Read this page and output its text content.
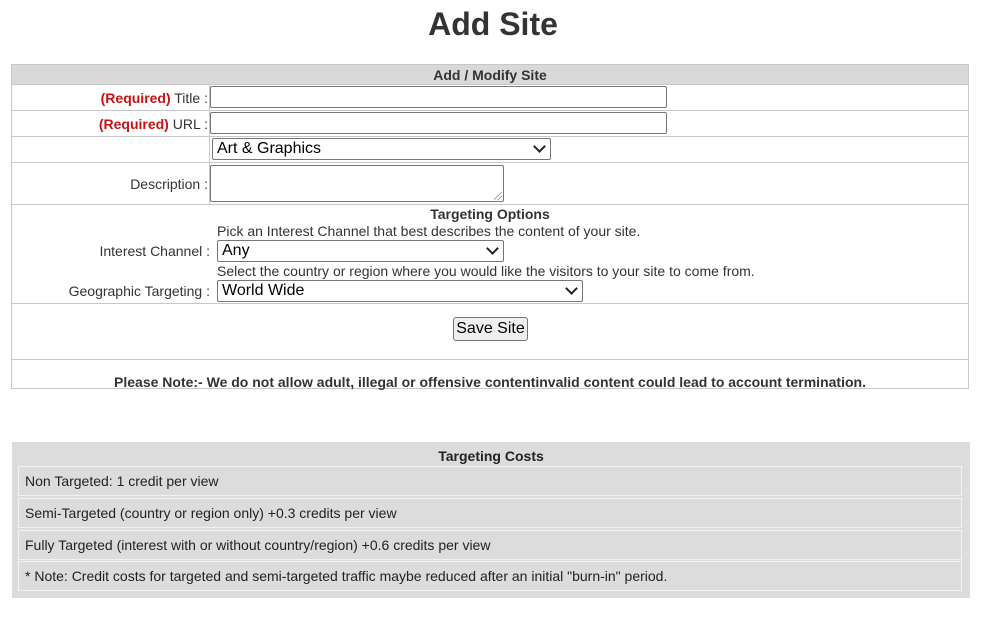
Add Site
Add / Modify Site
(Required) Title :
(Required) URL :
Art & Graphics
Description :
Targeting Options
Pick an Interest Channel that best describes the content of your site.
Interest Channel : Any
Select the country or region where you would like the visitors to your site to come from.
Geographic Targeting : World Wide
Save Site
Please Note:- We do not allow adult, illegal or offensive contentinvalid content could lead to account termination.
Targeting Costs
Non Targeted: 1 credit per view
Semi-Targeted (country or region only) +0.3 credits per view
Fully Targeted (interest with or without country/region) +0.6 credits per view
* Note: Credit costs for targeted and semi-targeted traffic maybe reduced after an initial "burn-in" period.
